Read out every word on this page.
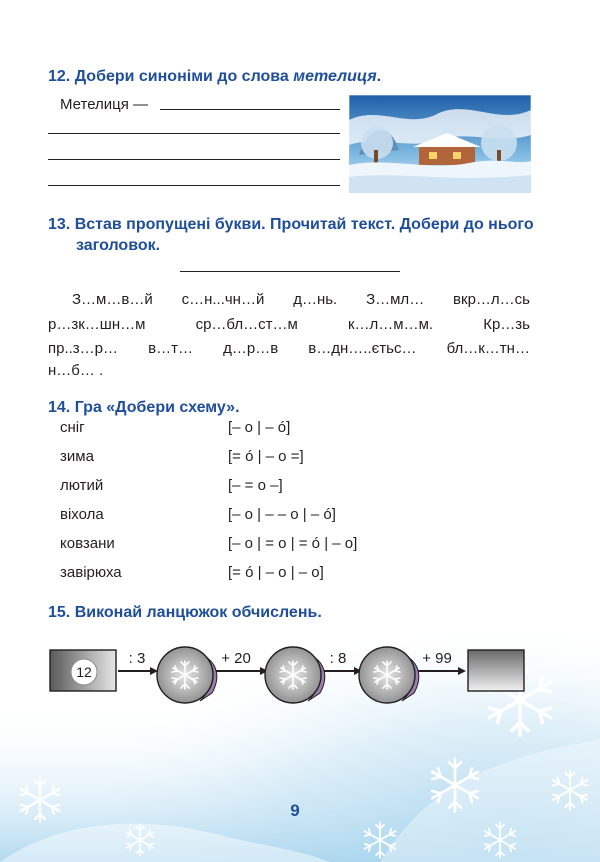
12. Добери синоніми до слова метелиця.
Метелиця —
13. Встав пропущені букви. Прочитай текст. Добери до нього
заголовок.
З…м…в…й с…н...чн…й д…нь. З…мл… вкр…л…сь
р…зк…шн…м	ср…бл…ст…м	к…л…м…м.	Кр…зь
пр..з…р… в…т… д…р…в в…дн…..єтьс… бл…к…тн…
н…б… .
14. Гра «Добери схему».
сніг	[– о | – ó]
зима	[= ó | – о =]
лютий	[– = о –]
віхола	[– о | – – о | – ó]
ковзани	[– о | = о | = ó | – о]
завірюха	[= ó | – о | – о]
15. Виконай ланцюжок обчислень.
12
: 3	+ 20	: 8	+ 99
9
